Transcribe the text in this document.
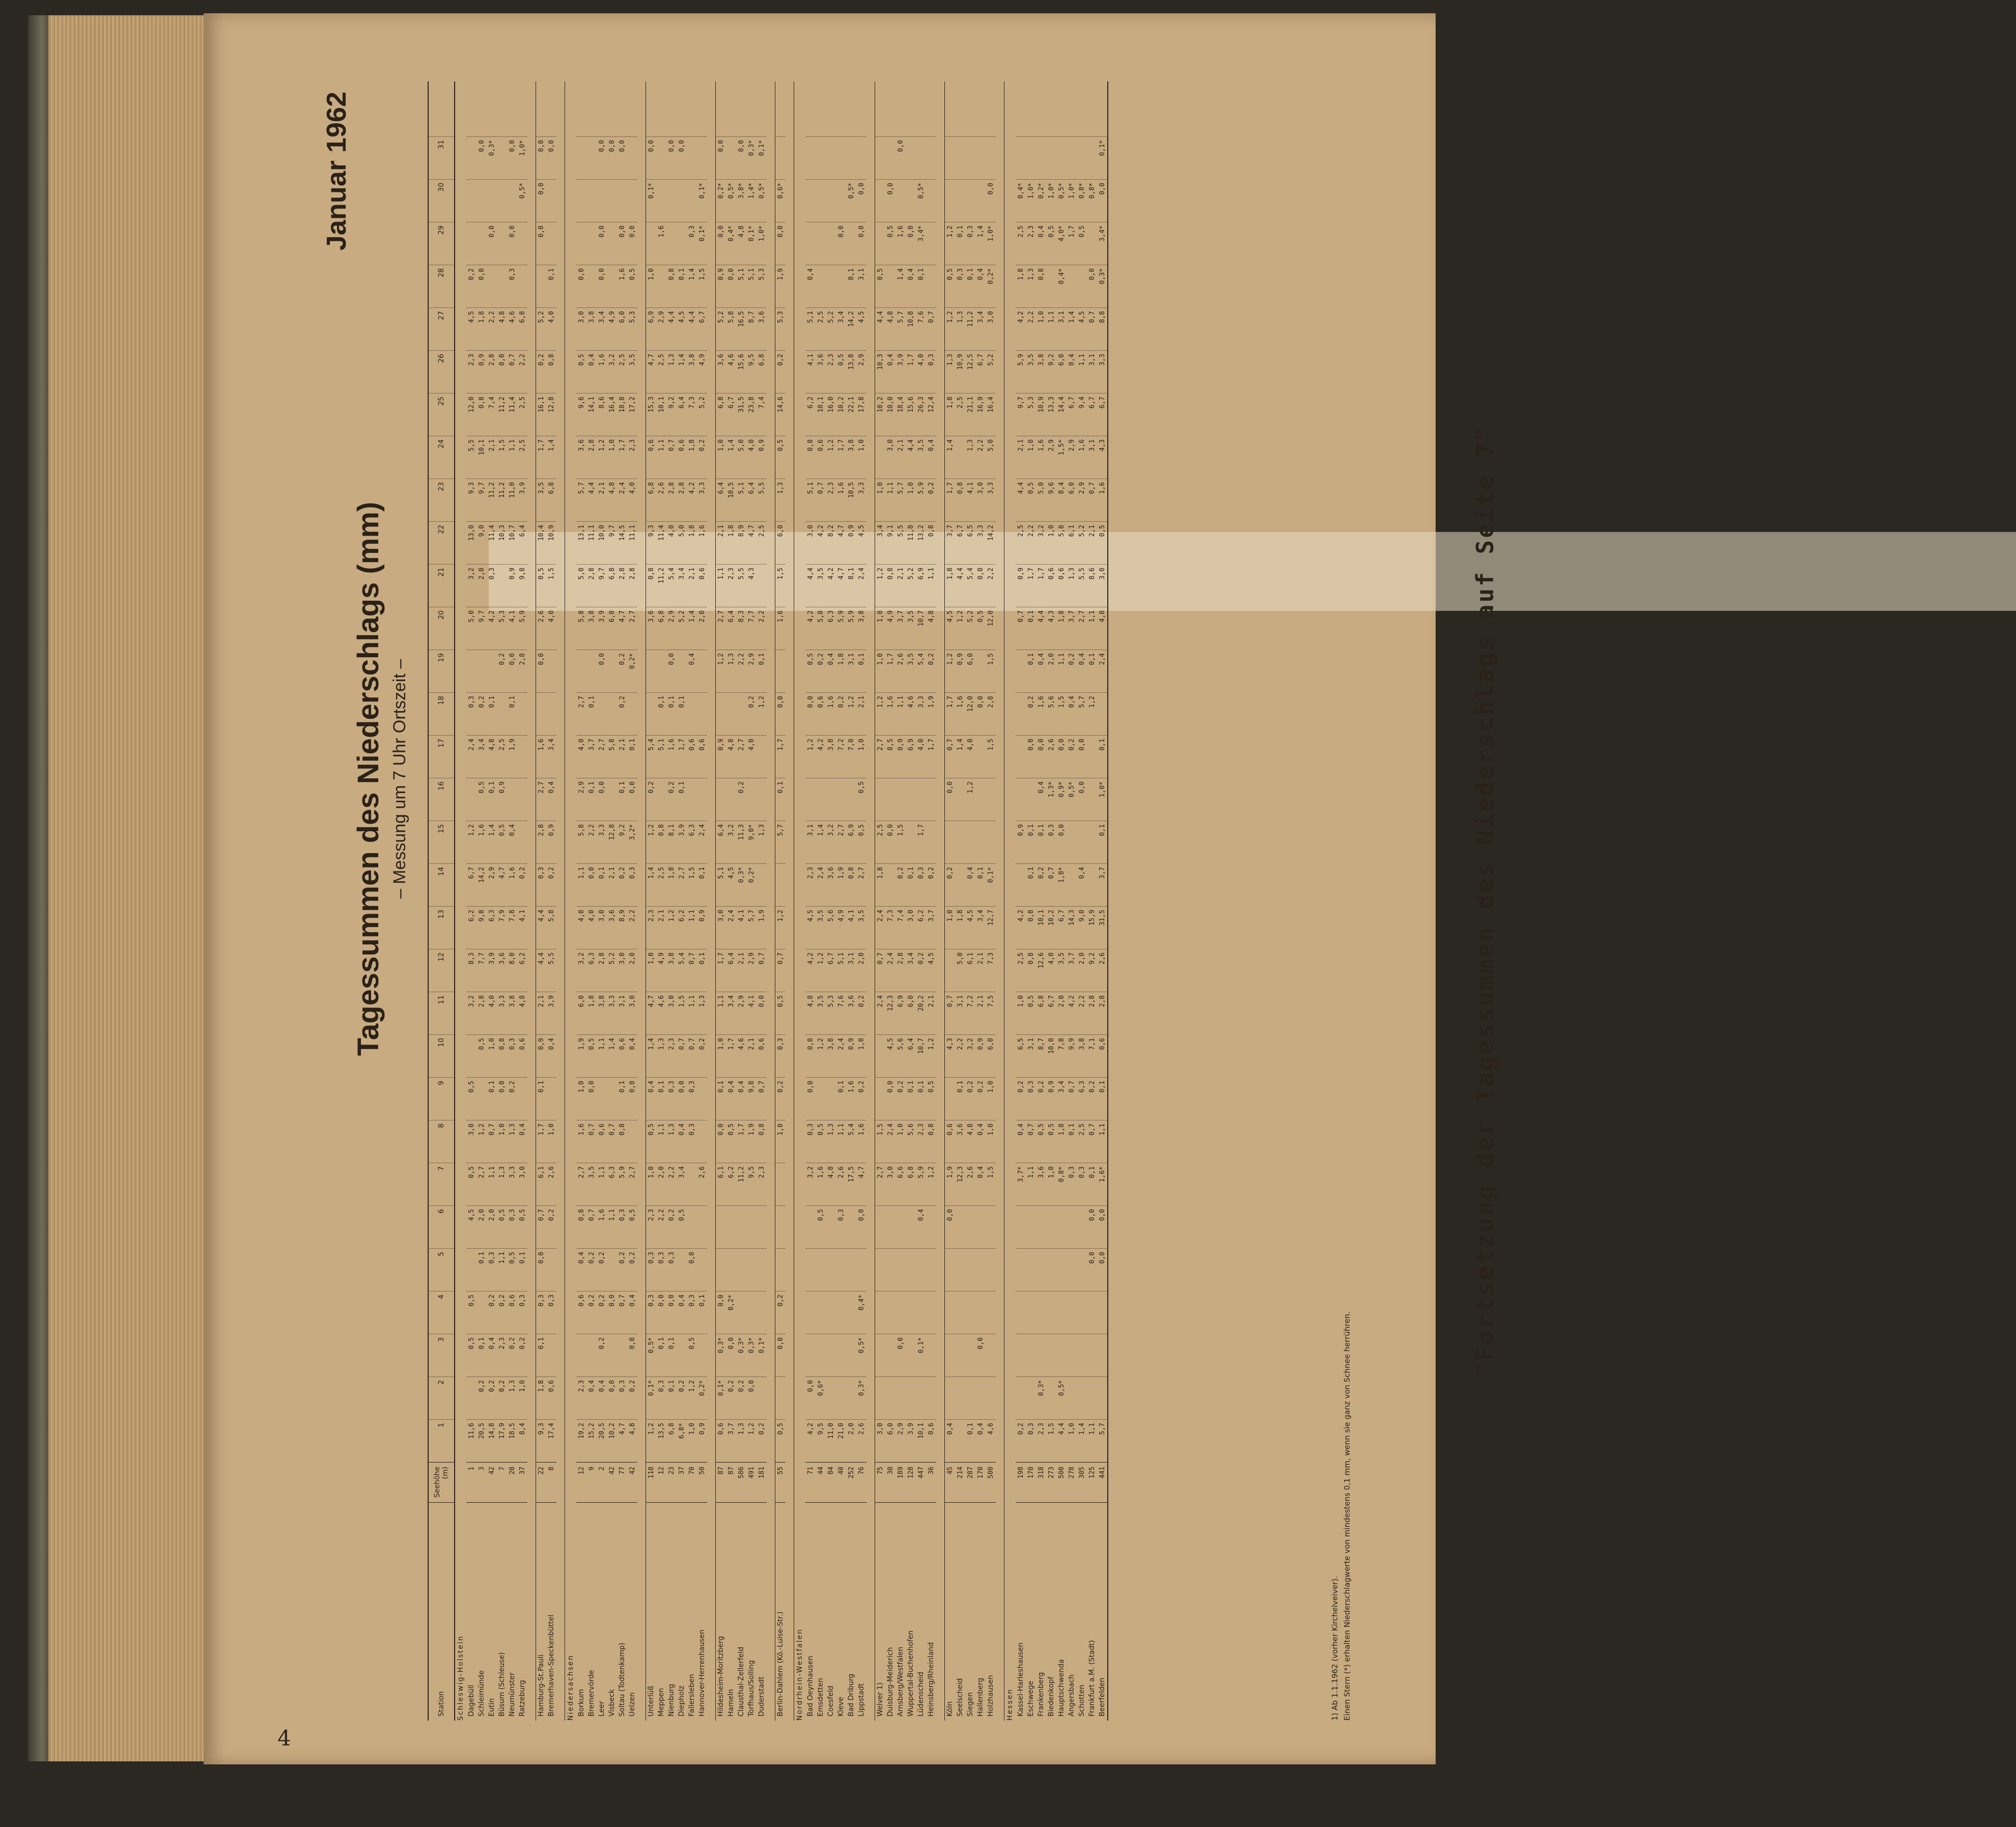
4
Tagessummen des Niederschlags (mm) – Messung um 7 Uhr Ortszeit –
Januar 1962
Station
Seehöhe (m)
1
2
3
4
5
6
7
8
9
10
11
12
13
14
15
16
17
18
19
20
21
22
23
24
25
26
27
28
29
30
31
Schleswig-Holstein Dagebüll
1
11,6
0,5
0,5
4,5
0,5
3,0
0,5
3,2
8,3
6,2
6,7
1,2
2,4
0,3
5,0
3,2
13,0
9,3
5,5
12,0
2,3
4,5
0,2
Schleimünde
3
20,5
0,2
0,1
0,1
2,0
2,7
1,2
0,5
2,8
7,7
9,8
14,2
1,6
0,5
3,4
0,2
9,7
2,0
9,0
9,7
10,1
0,8
0,9
1,8
0,0
0,0
Eutin
42
14,8
0,2
0,4
0,2
0,3
2,0
1,1
0,7
0,1
1,0
4,0
3,9
6,3
2,9
1,4
0,1
4,8
0,1
4,2
0,3
11,4
11,2
2,1
7,4
2,8
2,2
0,0
0,3*
Büsum (Schleuse)
7
17,9
0,2
2,3
0,2
1,1
0,5
1,3
1,0
0,0
0,8
3,3
3,6
7,9
4,7
0,5
0,9
2,5
0,2
5,3
10,3
11,2
1,5
11,2
0,0
4,8
Neumünster
20
18,5
1,3
0,2
0,6
0,5
0,3
3,3
1,3
0,2
0,3
3,8
8,0
7,8
1,6
0,4
1,9
0,1
0,0
4,1
0,9
10,7
11,0
1,1
11,4
0,7
4,6
0,3
0,0
0,0
Ratzeburg
37
8,4
1,0
0,2
0,3
0,1
0,5
3,0
0,4
0,6
4,8
6,2
4,1
0,2
2,8
5,9
9,8
6,4
3,9
2,5
2,5
2,2
6,8
0,5*
1,0*
Hamburg-St.Pauli
22
9,3
1,8
0,1
0,3
0,0
0,7
6,1
1,7
0,1
0,9
2,1
4,4
4,4
0,3
2,8
2,7
1,6
0,0
2,6
0,5
10,4
3,5
1,7
16,1
0,2
5,2
0,0
0,0
0,0
Bremerhaven-Speckenbüttel
8
17,4
0,6
0,3
0,2
2,6
1,0
0,4
3,9
5,5
5,8
0,2
0,9
0,4
3,4
4,0
1,5
10,9
6,8
1,4
12,8
0,8
4,0
0,1
0,0
Niedersachsen Borkum
12
19,2
2,3
0,6
0,4
0,8
2,7
1,6
1,0
1,9
6,0
3,2
4,8
1,1
5,8
2,9
4,0
2,7
5,8
5,0
13,1
5,7
3,6
9,6
0,5
3,0
0,0
Bremervörde
9
15,2
0,4
0,2
0,2
0,7
3,5
0,7
0,0
0,5
1,8
6,3
4,0
0,0
2,2
0,1
3,7
0,1
3,8
2,8
11,1
4,4
2,8
14,1
0,4
3,8
Leer
2
20,5
0,4
0,2
0,2
0,2
1,6
1,1
0,6
1,1
3,8
2,8
3,0
0,1
3,3
0,0
2,7
0,0
3,9
9,7
10,0
2,1
1,2
8,6
1,6
3,4
0,0
0,0
0,0
Visbeck
42
10,2
0,0
0,0
1,1
6,3
0,7
1,4
3,3
5,2
3,6
2,1
12,8
5,8
6,0
6,8
9,7
4,8
1,0
16,4
3,2
4,9
0,0
Soltau (Todtenkamp)
77
4,7
0,3
0,7
0,2
0,3
5,9
0,8
0,1
0,6
3,1
3,0
8,9
0,2
9,2
0,1
2,1
0,2
0,2
4,7
2,8
14,5
2,4
1,7
18,8
2,5
6,0
1,6
0,0
0,0
Uelzen
42
4,8
0,2
0,0
0,4
0,2
0,5
2,7
0,0
0,4
3,0
2,0
2,2
0,3
3,2*
0,0
0,1
0,2*
2,7
2,8
11,1
4,0
2,3
17,2
3,5
5,3
0,5
0,0
Unterlüß
110
1,2
0,1*
0,5*
0,3
0,3
2,3
1,0
0,5
0,4
1,4
4,7
1,0
2,3
1,4
1,2
0,2
5,4
3,6
0,8
9,3
6,8
0,6
15,3
4,7
6,9
1,0
0,1*
0,0
Meppen
12
13,5
0,3
0,1
0,0
0,3
2,2
2,0
1,1
0,1
1,3
4,6
4,9
2,1
2,5
0,8
5,1
0,1
6,8
11,2
11,4
2,6
1,1
10,1
2,5
2,9
1,6
Nienburg
23
6,8
0,1
0,1
0,0
0,3
0,2
2,2
1,3
0,3
2,3
3,0
3,8
1,2
1,8
8,1
0,2
1,6
0,1
0,0
2,9
5,4
4,0
2,8
0,7
9,2
1,3
4,4
0,8
0,0
Diepholz
37
6,8*
0,2
0,4
0,5
3,4
0,4
0,0
0,7
1,5
5,4
6,2
2,7
3,9
0,1
1,7
0,1
5,2
3,4
5,0
2,8
0,6
6,4
1,4
4,5
0,1
0,0
Fallersleben
70
1,0
1,2
0,5
0,3
0,0
0,3
0,3
0,7
1,1
0,7
1,1
1,5
6,3
0,6
0,4
1,4
2,1
1,8
4,2
1,8
7,3
3,8
4,4
1,4
0,3
Hannover-Herrenhausen
50
0,9
0,2*
0,1
2,6
0,2
1,3
0,1
0,9
0,1
2,4
0,6
2,0
0,6
1,6
3,3
0,2
5,2
4,9
6,7
1,5
0,1*
0,1*
Hildesheim-Moritzberg
87
0,6
0,1*
0,3*
0,0
6,1
0,0
0,1
1,0
1,1
1,7
3,0
5,1
6,4
0,9
1,2
2,7
1,1
2,1
6,4
1,0
6,8
3,6
5,2
0,9
0,0
0,2*
0,0
Hameln
87
3,7
0,2
0,0
0,2*
6,2
0,5
0,4
1,7
3,4
6,4
2,4
4,5
3,2
4,8
1,3
6,4
2,3
1,8
10,5
1,4
6,7
4,6
5,8
0,0
0,4*
0,5*
Clausthal-Zellerfeld
586
1,3
0,2
0,3*
11,2
1,7
0,4
4,6
2,9
2,1
4,1
0,3*
11,3
0,2
2,7
2,2
8,3
5,5
8,9
5,1
5,0
31,5
15,6
16,5
5,1
4,8
3,8*
0,0
Torfhaus/Solling
491
1,2
0,0
0,3*
9,5
1,9
9,8
2,1
4,1
2,9
5,7
0,2*
9,0*
4,0
0,2
2,9
7,7
4,3
4,7
6,4
4,0
23,8
9,5
8,7
5,1
0,1*
1,4*
0,3*
Duderstadt
181
0,2
0,1*
2,3
0,8
0,7
0,6
0,0
0,7
1,9
1,3
1,2
0,1
2,2
2,5
5,5
0,9
7,4
6,8
3,6
5,3
1,0*
0,5*
0,1*
Berlin-Dahlem (Kö.-Luise-Str.)
55
0,5
0,0
0,2
1,0
0,2
0,3
0,5
0,7
1,2
5,7
0,1
1,7
0,0
1,6
1,5
6,0
1,3
0,5
14,6
0,2
5,3
1,9
0,0
0,6*
Nordrhein-Westfalen Bad Oeynhausen
71
4,2
0,0
3,2
0,3
0,0
0,8
4,8
4,2
4,5
2,3
3,1
1,2
0,0
0,5
4,2
4,4
3,0
5,1
0,8
6,2
4,1
5,1
0,4
Emsdetten
44
9,5
0,6*
0,5
1,6
0,5
1,2
3,5
1,2
3,5
2,4
1,4
4,2
0,6
0,2
5,0
3,5
4,2
0,7
0,6
10,1
3,6
2,5
Coesfeld
84
11,0
4,8
1,3
3,8
5,3
6,7
5,6
3,6
3,2
3,8
1,6
0,4
6,3
4,2
8,2
2,3
1,2
16,0
2,3
5,2
Kleve
40
21,0
0,3
2,6
1,1
0,1
2,4
7,6
5,1
4,9
1,9
2,7
7,2
0,2
1,8
5,9
4,7
4,7
1,6
1,7
10,2
0,5
3,4
0,0
Bad Driburg
252
2,0
17,5
5,4
1,6
0,9
3,6
3,1
4,1
0,8
6,9
7,0
1,2
3,1
5,9
8,1
0,9
10,5
3,8
22,1
13,8
14,2
8,1
0,5*
Lippstadt
76
2,6
0,3*
0,5*
0,4*
0,0
4,7
1,6
0,2
1,0
0,2
2,0
3,5
2,7
0,5
0,5
1,0
2,1
0,1
3,8
2,4
4,5
3,3
1,0
17,8
2,9
4,5
3,1
0,0
0,0
Welver 1)
75
3,0
2,7
1,5
2,4
0,7
2,4
1,8
2,5
2,7
1,2
1,0
1,0
1,2
3,4
1,0
10,2
10,3
4,4
0,5
Duisburg-Meiderich
30
6,0
3,0
2,4
0,0
4,5
12,3
2,4
7,3
0,0
8,5
1,6
1,7
4,9
0,8
9,1
1,1
3,0
10,0
0,4
4,8
0,5
0,0
Arnsberg/Westfalen
189
2,9
0,0
6,6
1,0
0,2
5,6
6,9
2,8
7,4
0,2
1,5
0,9
1,1
2,6
3,7
2,1
5,5
5,7
2,1
18,4
3,9
5,7
1,4
1,6
0,0
Wuppertal-Buchenhofen
128
3,9
6,8
5,6
0,1
6,4
6,0
3,4
3,0
0,1
6,9
4,6
3,5
3,5
5,2
11,8
1,0
4,4
15,6
1,7
10,8
0,4
0,0
Lüdenscheid
447
10,1
0,1*
0,4
5,9
2,3
0,1
10,7
20,2
0,2
6,2
0,3
1,7
4,0
3,3
5,4
10,7
6,9
13,2
5,9
3,5
26,3
4,0
7,6
0,1
3,4*
0,5*
Heinsberg/Rheinland
36
0,6
1,2
0,8
0,5
1,2
2,1
4,5
3,7
0,2
1,7
1,9
0,2
4,8
1,1
0,8
0,2
0,4
12,4
0,3
0,7
Köln
45
0,4
0,0
1,9
0,6
4,3
0,7
1,0
0,2
0,0
0,7
1,7
1,2
4,5
1,8
3,7
1,7
1,4
1,8
1,3
1,2
0,5
1,2
Seelscheid
214
12,3
3,6
0,1
2,2
3,1
5,0
1,8
1,4
1,6
0,9
1,2
4,4
6,7
0,8
2,5
10,9
1,3
0,3
0,1
Siegen
287
0,1
2,6
4,8
0,2
3,2
7,2
6,1
4,5
0,4
1,2
4,0
12,0
6,0
5,2
5,4
6,5
4,1
1,3
21,1
12,5
11,2
0,1
0,3
Hallenberg
170
0,4
0,0
0,4
0,4
0,2
0,9
2,1
2,1
3,4
0,1
0,0
0,5
0,0
3,3
3,0
2,2
16,9
6,7
3,4
0,4
1,4
Holzhausen
500
4,6
1,5
1,0
1,0
6,0
7,5
7,3
12,7
0,1*
1,5
2,8
1,5
12,0
2,2
14,2
3,3
5,0
16,4
5,2
3,0
0,2*
1,0*
0,0
Hessen Kassel-Harleshausen
198
0,2
3,7*
0,4
0,2
6,5
1,0
2,5
4,2
0,9
0,7
0,9
2,5
4,4
2,1
9,7
5,9
4,2
1,8
2,5
0,4*
Eschwege
170
0,3
1,1
0,7
0,3
3,1
0,5
0,8
0,8
0,1
0,1
0,0
0,2
0,1
0,1
1,7
2,2
0,5
1,0
5,3
3,5
2,2
1,3
2,3
1,0*
Frankenberg
318
2,3
0,3*
3,6
0,5
0,2
8,7
6,8
12,6
10,1
0,2
0,1
0,4
0,0
1,6
0,4
4,4
1,7
3,2
5,0
1,6
10,9
3,8
1,0
0,8
0,4
0,2*
Biedenkopf
273
1,5
1,0
0,5
0,9
10,0
6,7
4,0
10,2
0,7
0,3
1,3*
2,6
5,6
2,0
4,3
0,6
1,0
9,6
2,9
13,3
9,2
1,1
0,5
1,0*
Hauptschwenda
500
4,4
0,5*
0,8*
1,8
3,4
7,8
2,0
3,5
6,7
1,8*
0,0
0,9*
0,0
1,5
1,1
1,8
0,6
5,8
8,4
1,5*
14,4
6,0
3,1
0,4*
4,0*
0,5*
Angersbach
278
1,0
0,3
0,1
0,7
9,9
4,2
3,7
14,3
0,5*
0,2
0,4
0,2
3,7
1,3
6,1
6,0
2,9
6,7
0,4
1,4
1,7
1,0*
Schotten
305
1,4
0,3
2,5
6,3
3,8
2,2
2,0
9,0
0,4
0,0
0,0
5,7
0,4
2,7
5,5
5,2
2,9
1,6
9,4
1,1
4,5
0,5
0,8*
Frankfurt a.M. (Stadt)
125
1,1
0,0
0,0
0,1
0,7
0,2
7,1
2,8
9,2
15,9
1,2
0,1
1,1
8,6
2,1
0,7
3,1
6,7
3,1
0,7
0,0
0,8*
Beerfelden
441
5,7
0,0
0,0
1,6*
1,1
0,1
0,6
2,8
2,6
31,5
3,7
0,1
1,0*
0,1
2,4
4,0
3,0
0,5
1,6
4,3
6,7
3,3
8,8
0,3*
3,4*
0,0
0,1*
1) Ab 1.1.1962 (vorher Kirchelveiver). Einen Stern (*) erhalten Niederschlagwerte von mindestens 0,1 mm, wenn sie ganz von Schnee herrühren.
"Fortsetzung der Tagessummen des Niederschlags auf Seite 7"
